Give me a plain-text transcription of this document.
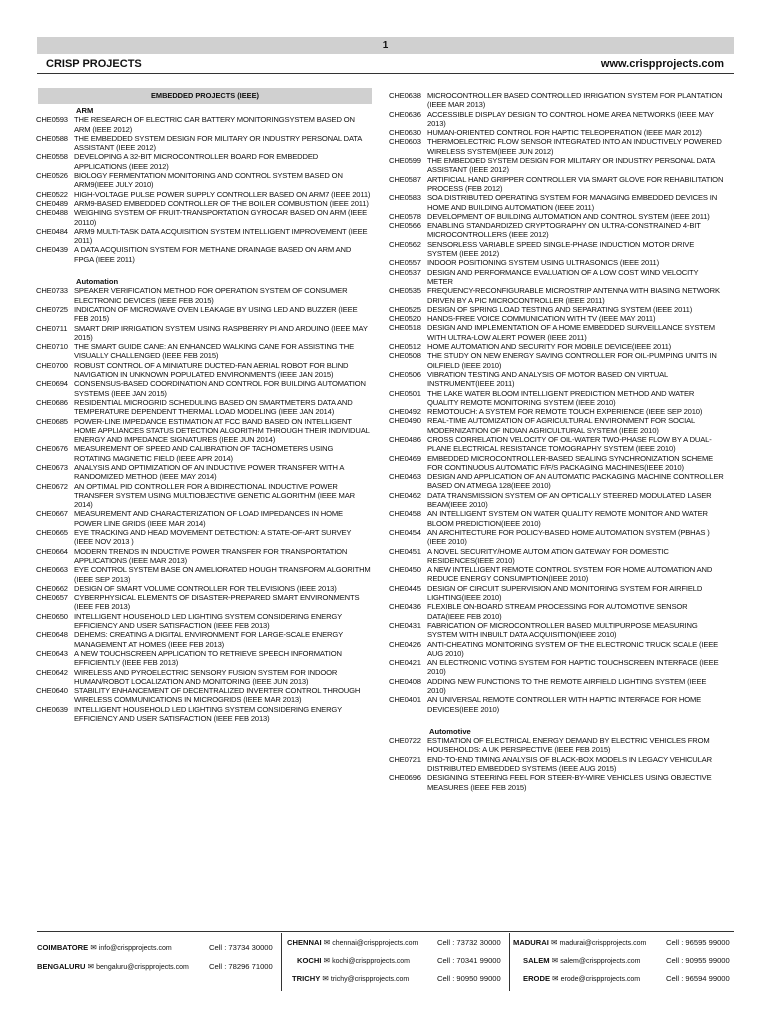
1
CRISP PROJECTS	www.crispprojects.com
EMBEDDED PROJECTS (IEEE)
ARM
CHE0593 THE RESEARCH OF ELECTRIC CAR BATTERY MONITORINGSYSTEM BASED ON ARM (IEEE 2012)
CHE0588 THE EMBEDDED SYSTEM DESIGN FOR MILITARY OR INDUSTRY PERSONAL DATA ASSISTANT (IEEE 2012)
CHE0558 DEVELOPING A 32-BIT MICROCONTROLLER BOARD FOR EMBEDDED APPLICATIONS (IEEE 2012)
CHE0526 BIOLOGY FERMENTATION MONITORING AND CONTROL SYSTEM BASED ON ARM9(IEEE JULY 2010)
CHE0522 HIGH-VOLTAGE PULSE POWER SUPPLY CONTROLLER BASED ON ARM7 (IEEE 2011)
CHE0489 ARM9-BASED EMBEDDED CONTROLLER OF THE BOILER COMBUSTION (IEEE 2011)
CHE0488 WEIGHING SYSTEM OF FRUIT-TRANSPORTATION GYROCAR BASED ON ARM (IEEE 20110)
CHE0484 ARM9 MULTI-TASK DATA ACQUISITION SYSTEM INTELLIGENT IMPROVEMENT (IEEE 2011)
CHE0439 A DATA ACQUISITION SYSTEM FOR METHANE DRAINAGE BASED ON ARM AND FPGA (IEEE 2011)
Automation
CHE0733 SPEAKER VERIFICATION METHOD FOR OPERATION SYSTEM OF CONSUMER ELECTRONIC DEVICES (IEEE FEB 2015)
CHE0725 INDICATION OF MICROWAVE OVEN LEAKAGE BY USING LED AND BUZZER (IEEE FEB 2015)
CHE0711 SMART DRIP IRRIGATION SYSTEM USING RASPBERRY PI AND ARDUINO (IEEE MAY 2015)
CHE0710 THE SMART GUIDE CANE: AN ENHANCED WALKING CANE FOR ASSISTING THE VISUALLY CHALLENGED (IEEE FEB 2015)
CHE0700 ROBUST CONTROL OF A MINIATURE DUCTED-FAN AERIAL ROBOT FOR BLIND NAVIGATION IN UNKNOWN POPULATED ENVIRONMENTS (IEEE JAN 2015)
CHE0694 CONSENSUS-BASED COORDINATION AND CONTROL FOR BUILDING AUTOMATION SYSTEMS (IEEE JAN 2015)
CHE0686 RESIDENTIAL MICROGRID SCHEDULING BASED ON SMARTMETERS DATA AND TEMPERATURE DEPENDENT THERMAL LOAD MODELING (IEEE JAN 2014)
CHE0685 POWER-LINE IMPEDANCE ESTIMATION AT FCC BAND BASED ON INTELLIGENT HOME APPLIANCES STATUS DETECTION ALGORITHM THROUGH THEIR INDIVIDUAL ENERGY AND IMPEDANCE SIGNATURES (IEEE JUN 2014)
CHE0676 MEASUREMENT OF SPEED AND CALIBRATION OF TACHOMETERS USING ROTATING MAGNETIC FIELD (IEEE APR 2014)
CHE0673 ANALYSIS AND OPTIMIZATION OF AN INDUCTIVE POWER TRANSFER WITH A RANDOMIZED METHOD (IEEE MAY 2014)
CHE0672 AN OPTIMAL PID CONTROLLER FOR A BIDIRECTIONAL INDUCTIVE POWER TRANSFER SYSTEM USING MULTIOBJECTIVE GENETIC ALGORITHM (IEEE MAR 2014)
CHE0667 MEASUREMENT AND CHARACTERIZATION OF LOAD IMPEDANCES IN HOME POWER LINE GRIDS (IEEE MAR 2014)
CHE0665 EYE TRACKING AND HEAD MOVEMENT DETECTION: A STATE-OF-ART SURVEY (IEEE NOV 2013 )
CHE0664 MODERN TRENDS IN INDUCTIVE POWER TRANSFER FOR TRANSPORTATION APPLICATIONS (IEEE MAR 2013)
CHE0663 EYE CONTROL SYSTEM BASE ON AMELIORATED HOUGH TRANSFORM ALGORITHM (IEEE SEP 2013)
CHE0662 DESIGN OF SMART VOLUME CONTROLLER FOR TELEVISIONS (IEEE 2013)
CHE0657 CYBERPHYSICAL ELEMENTS OF DISASTER-PREPARED SMART ENVIRONMENTS (IEEE FEB 2013)
CHE0650 INTELLIGENT HOUSEHOLD LED LIGHTING SYSTEM CONSIDERING ENERGY EFFICIENCY AND USER SATISFACTION (IEEE FEB 2013)
CHE0648 DEHEMS: CREATING A DIGITAL ENVIRONMENT FOR LARGE-SCALE ENERGY MANAGEMENT AT HOMES (IEEE FEB 2013)
CHE0643 A NEW TOUCHSCREEN APPLICATION TO RETRIEVE SPEECH INFORMATION EFFICIENTLY (IEEE FEB 2013)
CHE0642 WIRELESS AND PYROELECTRIC SENSORY FUSION SYSTEM FOR INDOOR HUMAN/ROBOT LOCALIZATION AND MONITORING (IEEE JUN 2013)
CHE0640 STABILITY ENHANCEMENT OF DECENTRALIZED INVERTER CONTROL THROUGH WIRELESS COMMUNICATIONS IN MICROGRIDS (IEEE MAR 2013)
CHE0639 INTELLIGENT HOUSEHOLD LED LIGHTING SYSTEM CONSIDERING ENERGY EFFICIENCY AND USER SATISFACTION (IEEE FEB 2013)
CHE0638 MICROCONTROLLER BASED CONTROLLED IRRIGATION SYSTEM FOR PLANTATION (IEEE MAR 2013)
CHE0636 ACCESSIBLE DISPLAY DESIGN TO CONTROL HOME AREA NETWORKS (IEEE MAY 2013)
CHE0630 HUMAN-ORIENTED CONTROL FOR HAPTIC TELEOPERATION (IEEE MAR 2012)
CHE0603 THERMOELECTRIC FLOW SENSOR INTEGRATED INTO AN INDUCTIVELY POWERED WIRELESS SYSTEM(IEEE JUN 2012)
CHE0599 THE EMBEDDED SYSTEM DESIGN FOR MILITARY OR INDUSTRY PERSONAL DATA ASSISTANT (IEEE 2012)
CHE0587 ARTIFICIAL HAND GRIPPER CONTROLLER VIA SMART GLOVE FOR REHABILITATION PROCESS (FEB 2012)
CHE0583 SOA DISTRIBUTED OPERATING SYSTEM FOR MANAGING EMBEDDED DEVICES IN HOME AND BUILDING AUTOMATION (IEEE 2011)
CHE0578 DEVELOPMENT OF BUILDING AUTOMATION AND CONTROL SYSTEM (IEEE 2011)
CHE0566 ENABLING STANDARDIZED CRYPTOGRAPHY ON ULTRA-CONSTRAINED 4-BIT MICROCONTROLLERS (IEEE 2012)
CHE0562 SENSORLESS VARIABLE SPEED SINGLE-PHASE INDUCTION MOTOR DRIVE SYSTEM (IEEE 2012)
CHE0557 INDOOR POSITIONING SYSTEM USING ULTRASONICS (IEEE 2011)
CHE0537 DESIGN AND PERFORMANCE EVALUATION OF A LOW COST WIND VELOCITY METER
CHE0535 FREQUENCY-RECONFIGURABLE MICROSTRIP ANTENNA WITH BIASING NETWORK DRIVEN BY A PIC MICROCONTROLLER (IEEE 2011)
CHE0525 DESIGN OF SPRING LOAD TESTING AND SEPARATING SYSTEM (IEEE 2011)
CHE0520 HANDS-FREE VOICE COMMUNICATION WITH TV (IEEE MAY 2011)
CHE0518 DESIGN AND IMPLEMENTATION OF A HOME EMBEDDED SURVEILLANCE SYSTEM WITH ULTRA-LOW ALERT POWER (IEEE 2011)
CHE0512 HOME AUTOMATION AND SECURITY FOR MOBILE DEVICE(IEEE 2011)
CHE0508 THE STUDY ON NEW ENERGY SAVING CONTROLLER FOR OIL-PUMPING UNITS IN OILFIELD (IEEE 2010)
CHE0506 VIBRATION TESTING AND ANALYSIS OF MOTOR BASED ON VIRTUAL INSTRUMENT(IEEE 2011)
CHE0501 THE LAKE WATER BLOOM INTELLIGENT PREDICTION METHOD AND WATER QUALITY REMOTE MONITORING SYSTEM (IEEE 2010)
CHE0492 REMOTOUCH: A SYSTEM FOR REMOTE TOUCH EXPERIENCE (IEEE SEP 2010)
CHE0490 REAL-TIME AUTOMIZATION OF AGRICULTURAL ENVIRONMENT FOR SOCIAL MODERNIZATION OF INDIAN AGRICULTURAL SYSTEM (IEEE 2010)
CHE0486 CROSS CORRELATION VELOCITY OF OIL-WATER TWO-PHASE FLOW BY A DUAL-PLANE ELECTRICAL RESISTANCE TOMOGRAPHY SYSTEM (IEEE 2010)
CHE0469 EMBEDDED MICROCONTROLLER-BASED SEALING SYNCHRONIZATION SCHEME FOR CONTINUOUS AUTOMATIC F/F/S PACKAGING MACHINES(IEEE 2010)
CHE0463 DESIGN AND APPLICATION OF AN AUTOMATIC PACKAGING MACHINE CONTROLLER BASED ON ATMEGA 128(IEEE 2010)
CHE0462 DATA TRANSMISSION SYSTEM OF AN OPTICALLY STEERED MODULATED LASER BEAM(IEEE 2010)
CHE0458 AN INTELLIGENT SYSTEM ON WATER QUALITY REMOTE MONITOR AND WATER BLOOM PREDICTION(IEEE 2010)
CHE0454 AN ARCHITECTURE FOR POLICY-BASED HOME AUTOMATION SYSTEM (PBHAS )(IEEE 2010)
CHE0451 A NOVEL SECURITY/HOME AUTOM ATION GATEWAY FOR DOMESTIC RESIDENCES(IEEE 2010)
CHE0450 A NEW INTELLIGENT REMOTE CONTROL SYSTEM FOR HOME AUTOMATION AND REDUCE ENERGY CONSUMPTION(IEEE 2010)
CHE0445 DESIGN OF CIRCUIT SUPERVISION AND MONITORING SYSTEM FOR AIRFIELD LIGHTING(IEEE 2010)
CHE0436 FLEXIBLE ON-BOARD STREAM PROCESSING FOR AUTOMOTIVE SENSOR DATA(IEEE FEB 2010)
CHE0431 FABRICATION OF MICROCONTROLLER BASED MULTIPURPOSE MEASURING SYSTEM WITH INBUILT DATA ACQUISITION(IEEE 2010)
CHE0426 ANTI-CHEATING MONITORING SYSTEM OF THE ELECTRONIC TRUCK SCALE (IEEE AUG 2010)
CHE0421 AN ELECTRONIC VOTING SYSTEM FOR HAPTIC TOUCHSCREEN INTERFACE (IEEE 2010)
CHE0408 ADDING NEW FUNCTIONS TO THE REMOTE AIRFIELD LIGHTING SYSTEM (IEEE 2010)
CHE0401 AN UNIVERSAL REMOTE CONTROLLER WITH HAPTIC INTERFACE FOR HOME DEVICES(IEEE 2010)
Automotive
CHE0722 ESTIMATION OF ELECTRICAL ENERGY DEMAND BY ELECTRIC VEHICLES FROM HOUSEHOLDS: A UK PERSPECTIVE (IEEE FEB 2015)
CHE0721 END-TO-END TIMING ANALYSIS OF BLACK-BOX MODELS IN LEGACY VEHICULAR DISTRIBUTED EMBEDDED SYSTEMS (IEEE AUG 2015)
CHE0696 DESIGNING STEERING FEEL FOR STEER-BY-WIRE VEHICLES USING OBJECTIVE MEASURES (IEEE FEB 2015)
COIMBATORE ✉ info@crispprojects.com	Cell : 73734 30000
BENGALURU ✉ bengaluru@crispprojects.com	Cell : 78296 71000
CHENNAI ✉ chennai@crispprojects.com Cell : 73732 30000
KOCHI ✉ kochi@crispprojects.com	Cell : 70341 99000
TRICHY ✉ trichy@crispprojects.com	Cell : 90950 99000
MADURAI ✉ madurai@crispprojects.com	Cell : 96595 99000
SALEM ✉ salem@crispprojects.com	Cell : 90955 99000
ERODE ✉ erode@crispprojects.com	Cell : 96594 99000
